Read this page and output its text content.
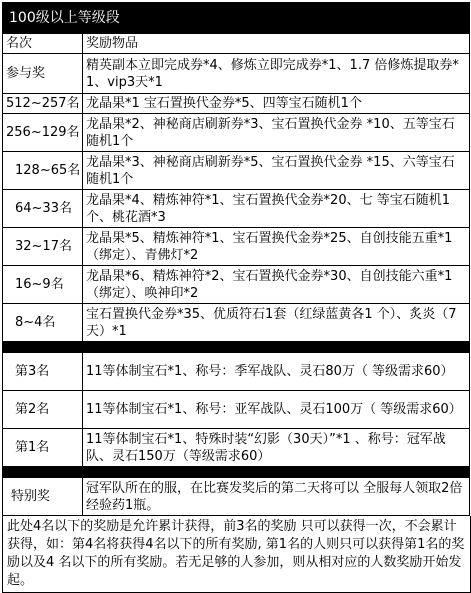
100级以上等级段	
名次	奖励物品
参与奖	精英副本立即完成券*4、修炼立即完成券*1、1.7 倍修炼提取券*1、vip3天*1
512~257名	龙晶果*1 宝石置换代金券*5、四等宝石随机1个
256~129名	龙晶果*2、神秘商店刷新券*3、宝石置换代金券 *10、五等宝石随机1个
128~65名	龙晶果*3、神秘商店刷新券*5、宝石置换代金券 *15、六等宝石随机1个
64~33名	龙晶果*4、精炼神符*1、宝石置换代金券*20、七 等宝石随机1个、桃花酒*3
32~17名	龙晶果*5、精炼神符*1、宝石置换代金券*25、自创技能五重*1（绑定）、青佛灯*2
16~9名	龙晶果*6、精炼神符*2、宝石置换代金券*30、自创技能六重*1（绑定）、唤神印*2
8~4名	宝石置换代金券*35、优质符石1套（红绿蓝黄各1 个）、炙炎（7天）*1

第3名	11等体制宝石*1、称号：季军战队、灵石80万（ 等级需求60）
第2名	11等体制宝石*1、称号：亚军战队、灵石100万（ 等级需求60）
第1名	11等体制宝石*1、特殊时装“幻影（30天）”*1 、称号：冠军战队、灵石150万（等级需求60）

特别奖	冠军队所在的服，在比赛发奖后的第二天将可以 全服每人领取2倍经验药1瓶。
此处4名以下的奖励是允许累计获得，前3名的奖励 只可以获得一次，不会累计获得，如：第4名将获得4名以下的所有奖励, 第1名的人则只可以获得第1名的奖励以及4 名以下的所有奖励。若无足够的人参加，则从相对应的人数奖励开始发起。
